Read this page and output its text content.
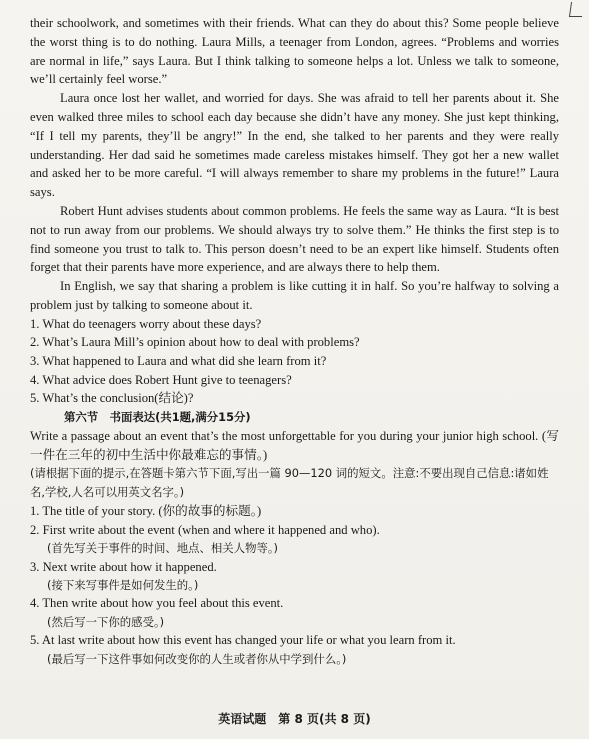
their schoolwork, and sometimes with their friends. What can they do about this? Some people believe the worst thing is to do nothing. Laura Mills, a teenager from London, agrees. “Problems and worries are normal in life,” says Laura. But I think talking to someone helps a lot. Unless we talk to someone, we’ll certainly feel worse.”

Laura once lost her wallet, and worried for days. She was afraid to tell her parents about it. She even walked three miles to school each day because she didn’t have any money. She just kept thinking, “If I tell my parents, they’ll be angry!” In the end, she talked to her parents and they were really understanding. Her dad said he sometimes made careless mistakes himself. They got her a new wallet and asked her to be more careful. “I will always remember to share my problems in the future!” Laura says.

Robert Hunt advises students about common problems. He feels the same way as Laura. “It is best not to run away from our problems. We should always try to solve them.” He thinks the first step is to find someone you trust to talk to. This person doesn’t need to be an expert like himself. Students often forget that their parents have more experience, and are always there to help them.

In English, we say that sharing a problem is like cutting it in half. So you’re halfway to solving a problem just by talking to someone about it.

1. What do teenagers worry about these days?
2. What’s Laura Mill’s opinion about how to deal with problems?
3. What happened to Laura and what did she learn from it?
4. What advice does Robert Hunt give to teenagers?
5. What’s the conclusion(结论)?
第六节　书面表达(共1题,满分15分)

Write a passage about an event that’s the most unforgettable for you during your junior high school. (写一件在三年的初中生活中你最难忘的事情。)

(请根据下面的提示,在答题卡第六节下面,写出一篇 90—120 词的短文。注意:不要出现自己信息:诸如姓名,学校,人名可以用英文名字。)

1. The title of your story. (你的故事的标题。)
2. First write about the event (when and where it happened and who).
(首先写关于事件的时间、地点、相关人物等。)
3. Next write about how it happened.
(接下来写事件是如何发生的。)
4. Then write about how you feel about this event.
(然后写一下你的感受。)
5. At last write about how this event has changed your life or what you learn from it.
(最后写一下这件事如何改变你的人生或者你从中学到什么。)
英语试题　第 8 页(共 8 页)
